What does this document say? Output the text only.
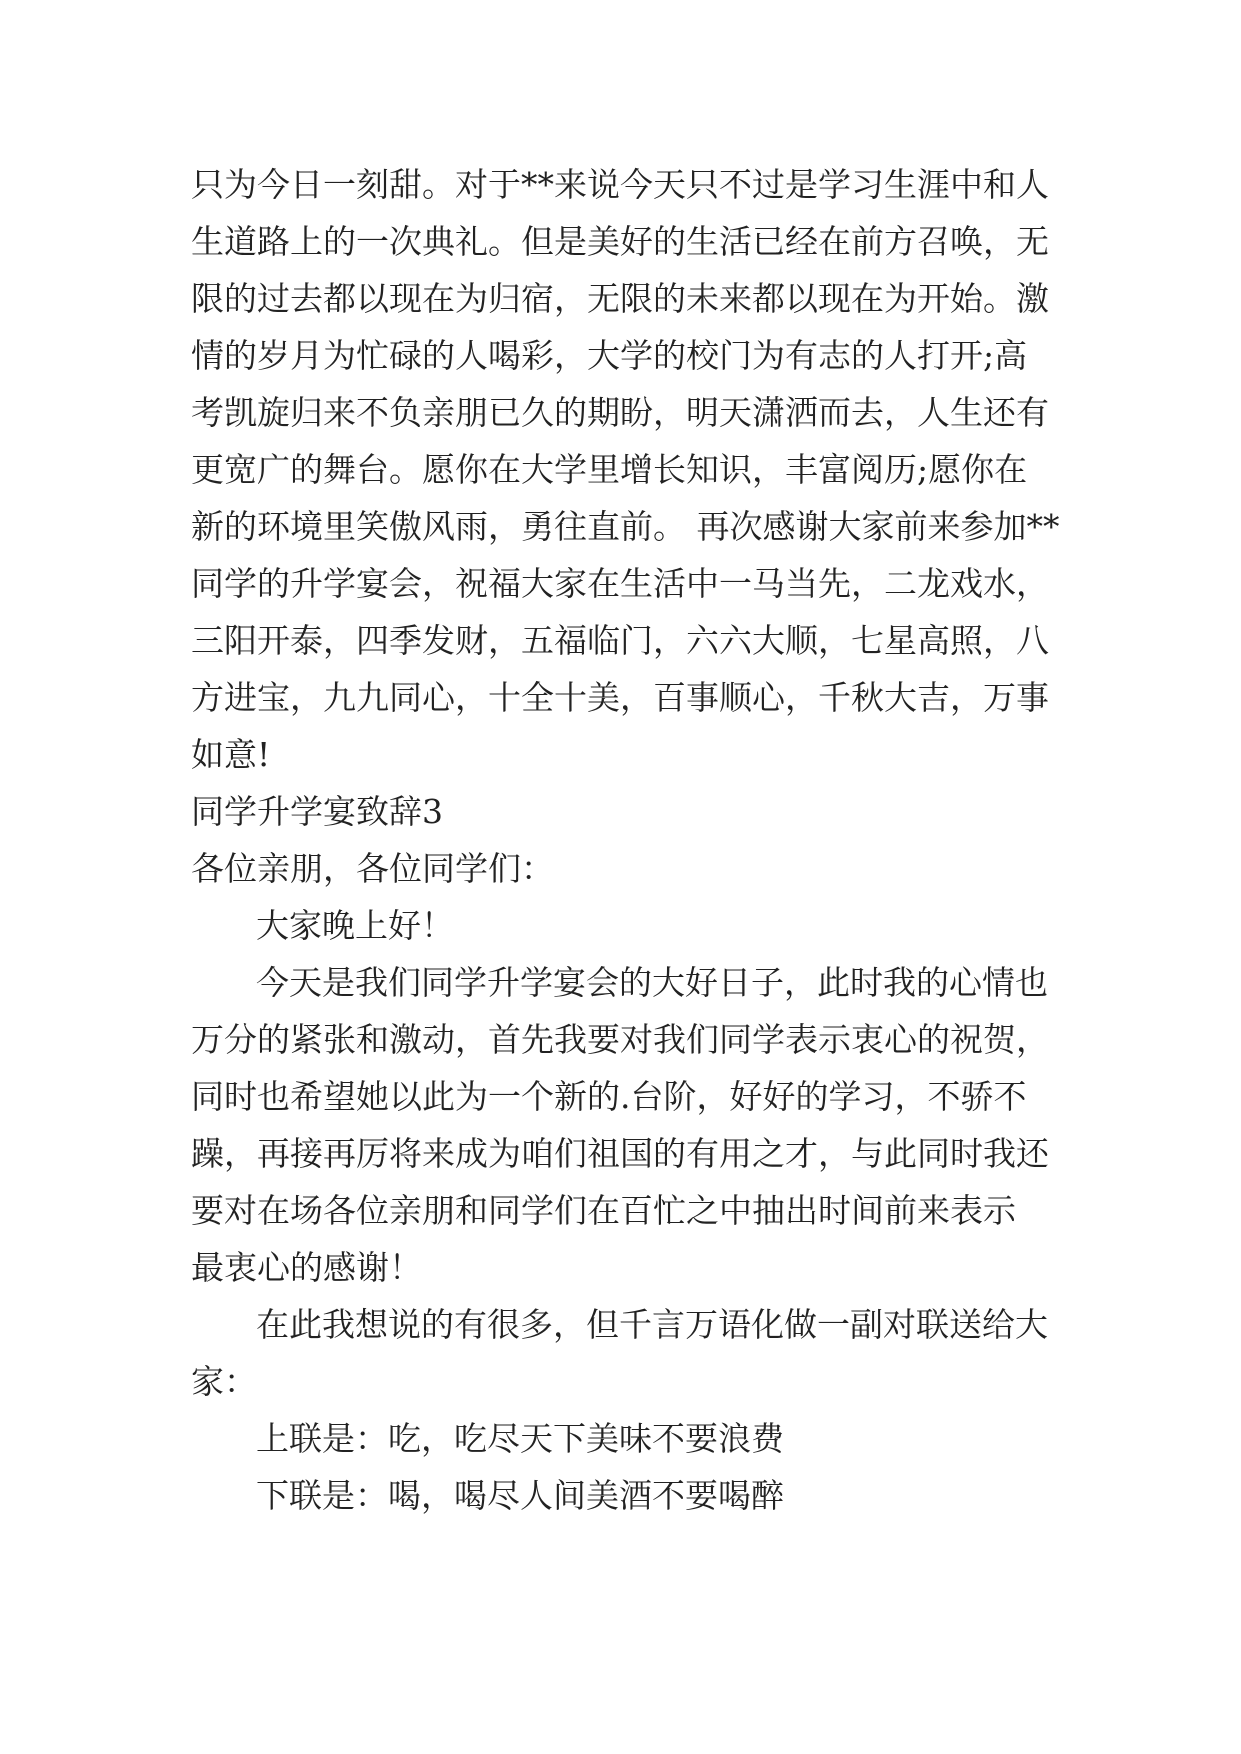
只为今日一刻甜。对于**来说今天只不过是学习生涯中和人
生道路上的一次典礼。但是美好的生活已经在前方召唤，无
限的过去都以现在为归宿，无限的未来都以现在为开始。激
情的岁月为忙碌的人喝彩，大学的校门为有志的人打开;高
考凯旋归来不负亲朋已久的期盼，明天潇洒而去，人生还有
更宽广的舞台。愿你在大学里增长知识，丰富阅历;愿你在
新的环境里笑傲风雨，勇往直前。 再次感谢大家前来参加**
同学的升学宴会，祝福大家在生活中一马当先，二龙戏水，
三阳开泰，四季发财，五福临门，六六大顺，七星高照，八
方进宝，九九同心，十全十美，百事顺心，千秋大吉，万事
如意!
同学升学宴致辞3
各位亲朋，各位同学们：
大家晚上好！
今天是我们同学升学宴会的大好日子，此时我的心情也
万分的紧张和激动，首先我要对我们同学表示衷心的祝贺，
同时也希望她以此为一个新的.台阶，好好的学习，不骄不
躁，再接再厉将来成为咱们祖国的有用之才，与此同时我还
要对在场各位亲朋和同学们在百忙之中抽出时间前来表示
最衷心的感谢！
在此我想说的有很多，但千言万语化做一副对联送给大
家：
上联是：吃，吃尽天下美味不要浪费
下联是：喝，喝尽人间美酒不要喝醉
